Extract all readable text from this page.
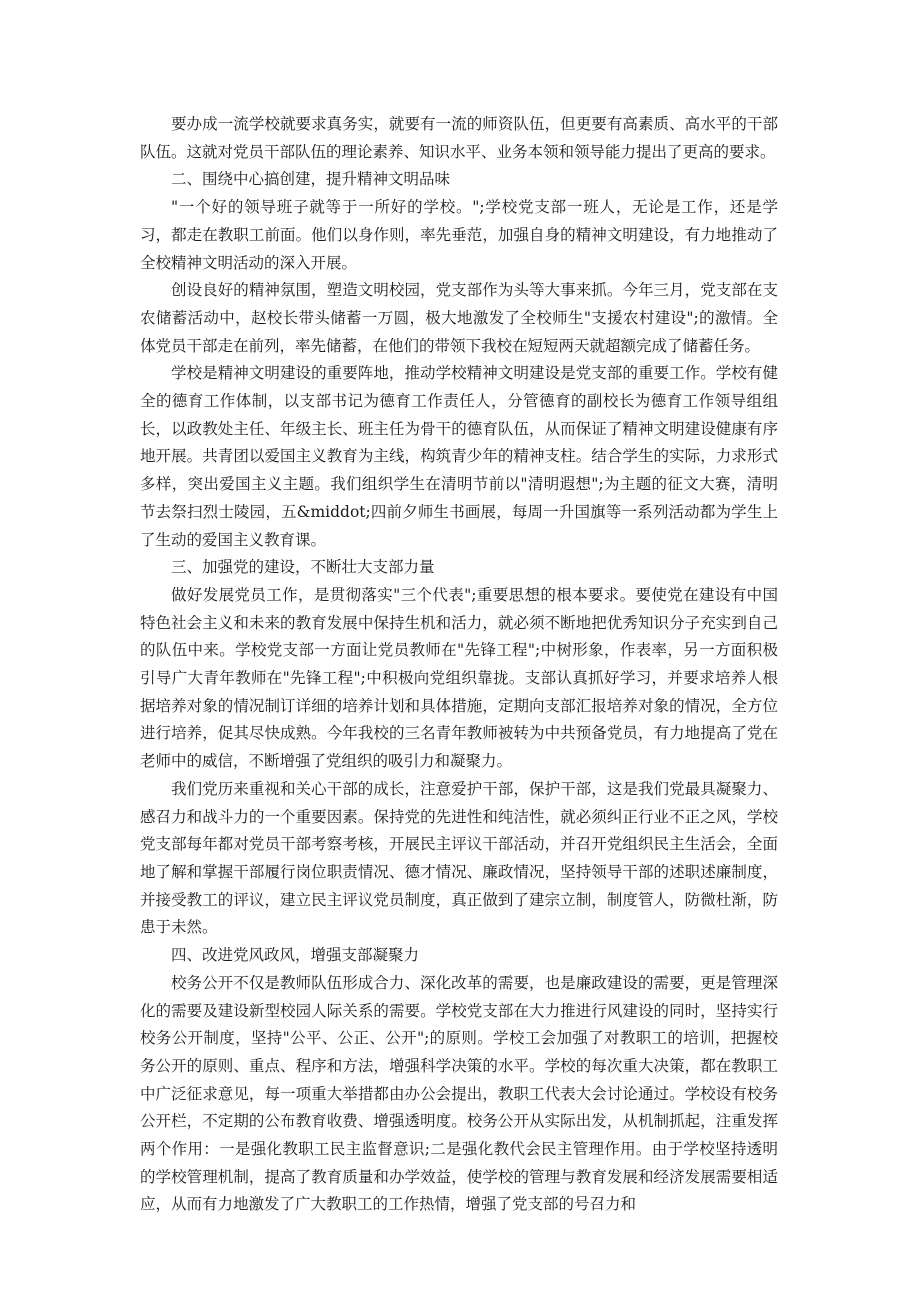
要办成一流学校就要求真务实，就要有一流的师资队伍，但更要有高素质、高水平的干部队伍。这就对党员干部队伍的理论素养、知识水平、业务本领和领导能力提出了更高的要求。

二、围绕中心搞创建，提升精神文明品味

"一个好的领导班子就等于一所好的学校。";学校党支部一班人，无论是工作，还是学习，都走在教职工前面。他们以身作则，率先垂范，加强自身的精神文明建设，有力地推动了全校精神文明活动的深入开展。

创设良好的精神氛围，塑造文明校园，党支部作为头等大事来抓。今年三月，党支部在支农储蓄活动中，赵校长带头储蓄一万圆，极大地激发了全校师生"支援农村建设";的激情。全体党员干部走在前列，率先储蓄，在他们的带领下我校在短短两天就超额完成了储蓄任务。

学校是精神文明建设的重要阵地，推动学校精神文明建设是党支部的重要工作。学校有健全的德育工作体制，以支部书记为德育工作责任人，分管德育的副校长为德育工作领导组组长，以政教处主任、年级主长、班主任为骨干的德育队伍，从而保证了精神文明建设健康有序地开展。共青团以爱国主义教育为主线，构筑青少年的精神支柱。结合学生的实际，力求形式多样，突出爱国主义主题。我们组织学生在清明节前以"清明遐想";为主题的征文大赛，清明节去祭扫烈士陵园，五&middot;四前夕师生书画展，每周一升国旗等一系列活动都为学生上了生动的爱国主义教育课。

三、加强党的建设，不断壮大支部力量

做好发展党员工作，是贯彻落实"三个代表";重要思想的根本要求。要使党在建设有中国特色社会主义和未来的教育发展中保持生机和活力，就必须不断地把优秀知识分子充实到自己的队伍中来。学校党支部一方面让党员教师在"先锋工程";中树形象，作表率，另一方面积极引导广大青年教师在"先锋工程";中积极向党组织靠拢。支部认真抓好学习，并要求培养人根据培养对象的情况制订详细的培养计划和具体措施，定期向支部汇报培养对象的情况，全方位进行培养，促其尽快成熟。今年我校的三名青年教师被转为中共预备党员，有力地提高了党在老师中的威信，不断增强了党组织的吸引力和凝聚力。

我们党历来重视和关心干部的成长，注意爱护干部，保护干部，这是我们党最具凝聚力、感召力和战斗力的一个重要因素。保持党的先进性和纯洁性，就必须纠正行业不正之风，学校党支部每年都对党员干部考察考核，开展民主评议干部活动，并召开党组织民主生活会，全面地了解和掌握干部履行岗位职责情况、德才情况、廉政情况，坚持领导干部的述职述廉制度，并接受教工的评议，建立民主评议党员制度，真正做到了建宗立制，制度管人，防微杜渐，防患于未然。

四、改进党风政风，增强支部凝聚力

校务公开不仅是教师队伍形成合力、深化改革的需要，也是廉政建设的需要，更是管理深化的需要及建设新型校园人际关系的需要。学校党支部在大力推进行风建设的同时，坚持实行校务公开制度，坚持"公平、公正、公开";的原则。学校工会加强了对教职工的培训，把握校务公开的原则、重点、程序和方法，增强科学决策的水平。学校的每次重大决策，都在教职工中广泛征求意见，每一项重大举措都由办公会提出，教职工代表大会讨论通过。学校设有校务公开栏，不定期的公布教育收费、增强透明度。校务公开从实际出发，从机制抓起，注重发挥两个作用：一是强化教职工民主监督意识;二是强化教代会民主管理作用。由于学校坚持透明的学校管理机制，提高了教育质量和办学效益，使学校的管理与教育发展和经济发展需要相适应，从而有力地激发了广大教职工的工作热情，增强了党支部的号召力和
